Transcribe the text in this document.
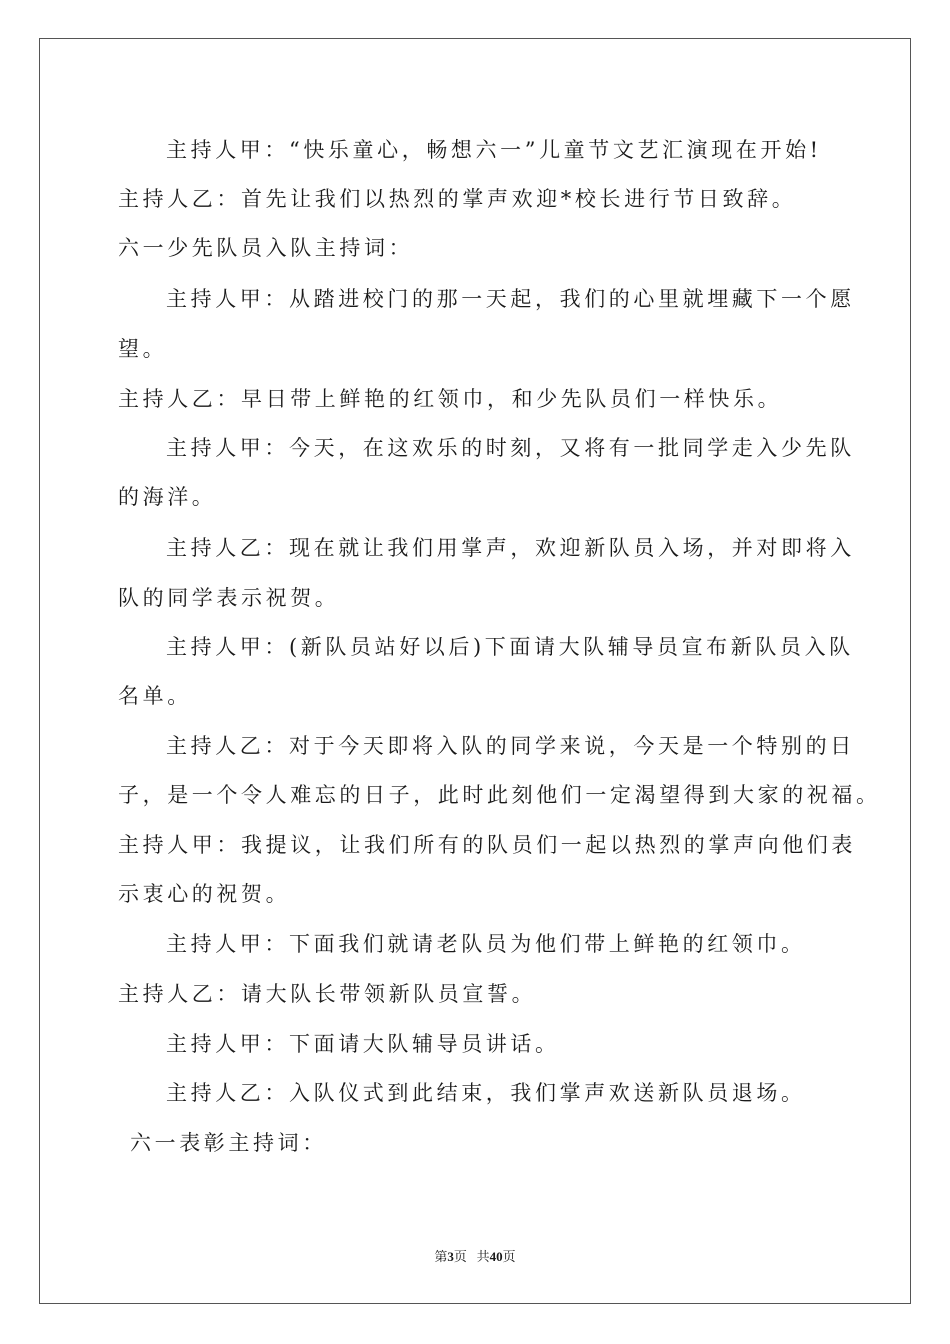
主持人甲：“快乐童心，畅想六一”儿童节文艺汇演现在开始!
主持人乙：首先让我们以热烈的掌声欢迎*校长进行节日致辞。
六一少先队员入队主持词：
主持人甲：从踏进校门的那一天起，我们的心里就埋藏下一个愿
望。
主持人乙：早日带上鲜艳的红领巾，和少先队员们一样快乐。
主持人甲：今天，在这欢乐的时刻，又将有一批同学走入少先队
的海洋。
主持人乙：现在就让我们用掌声，欢迎新队员入场，并对即将入
队的同学表示祝贺。
主持人甲：(新队员站好以后)下面请大队辅导员宣布新队员入队
名单。
主持人乙：对于今天即将入队的同学来说，今天是一个特别的日
子，是一个令人难忘的日子，此时此刻他们一定渴望得到大家的祝福。
主持人甲：我提议，让我们所有的队员们一起以热烈的掌声向他们表
示衷心的祝贺。
主持人甲：下面我们就请老队员为他们带上鲜艳的红领巾。
主持人乙：请大队长带领新队员宣誓。
主持人甲：下面请大队辅导员讲话。
主持人乙：入队仪式到此结束，我们掌声欢送新队员退场。
六一表彰主持词：
第3页 共40页
